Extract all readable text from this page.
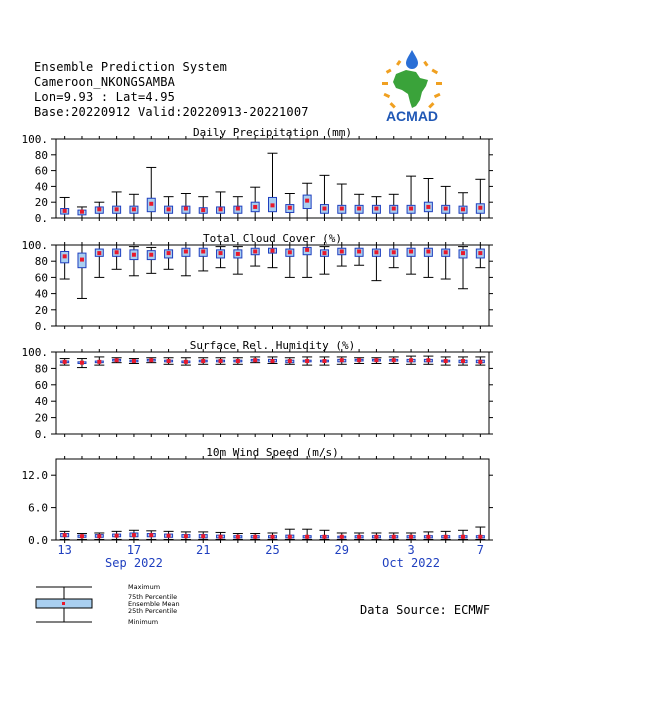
Daily Precipitation (mm)
0.
20
40
60
80
100.
Total Cloud Cover (%)
0.
20
40
60
80
100.
Surface Rel. Humidity (%)
0.
20
40
60
80
100.
10m Wind Speed (m/s)
0.0
6.0
12.0
13	17	21	25	29	3	7
Sep 2022	Oct 2022
Ensemble Prediction System
Cameroon_NKONGSAMBA
Lon=9.93 : Lat=4.95
Base:20220912 Valid:20220913-20221007	ACMAD
Data Source: ECMWF
Maximum
75th Percentile
Ensemble Mean
25th Percentile
Minimum
